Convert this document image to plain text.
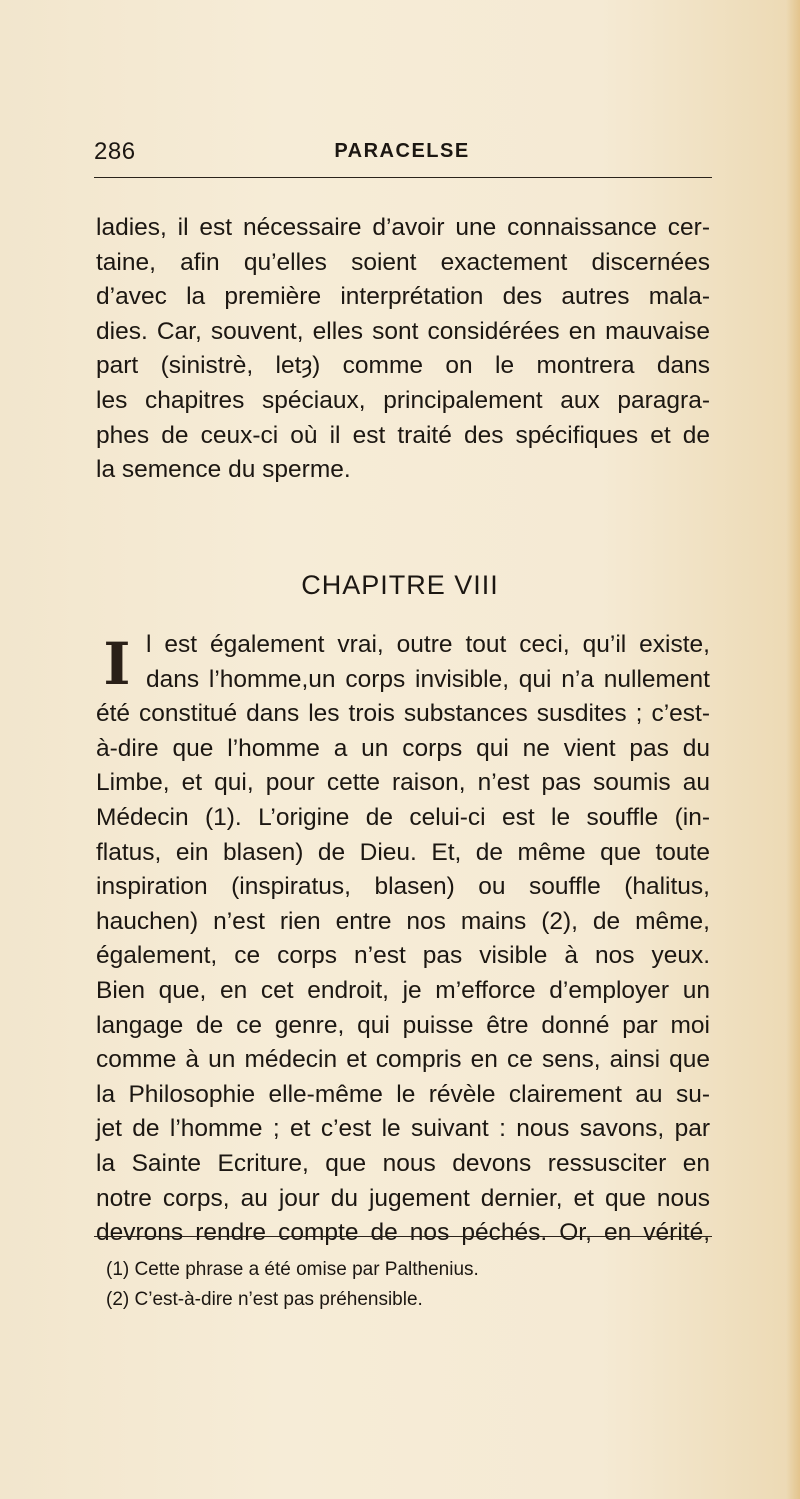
286	PARACELSE
ladies, il est nécessaire d’avoir une connaissance cer-
taine, afin qu’elles soient exactement discernées
d’avec la première interprétation des autres mala-
dies. Car, souvent, elles sont considérées en mauvaise
part (sinistrè, letȝ) comme on le montrera dans
les chapitres spéciaux, principalement aux paragra-
phes de ceux-ci où il est traité des spécifiques et de
la semence du sperme.
CHAPITRE VIII
I l est également vrai, outre tout ceci, qu’il existe,
dans l’homme,un corps invisible, qui n’a nullement
été constitué dans les trois substances susdites ; c’est-
à-dire que l’homme a un corps qui ne vient pas du
Limbe, et qui, pour cette raison, n’est pas soumis au
Médecin (1). L’origine de celui-ci est le souffle (in-
flatus, ein blasen) de Dieu. Et, de même que toute
inspiration (inspiratus, blasen) ou souffle (halitus,
hauchen) n’est rien entre nos mains (2), de même,
également, ce corps n’est pas visible à nos yeux.
Bien que, en cet endroit, je m’efforce d’employer un
langage de ce genre, qui puisse être donné par moi
comme à un médecin et compris en ce sens, ainsi que
la Philosophie elle-même le révèle clairement au su-
jet de l’homme ; et c’est le suivant : nous savons, par
la Sainte Ecriture, que nous devons ressusciter en
notre corps, au jour du jugement dernier, et que nous
devrons rendre compte de nos péchés. Or, en vérité,
(1) Cette phrase a été omise par Palthenius.
(2) C’est-à-dire n’est pas préhensible.
